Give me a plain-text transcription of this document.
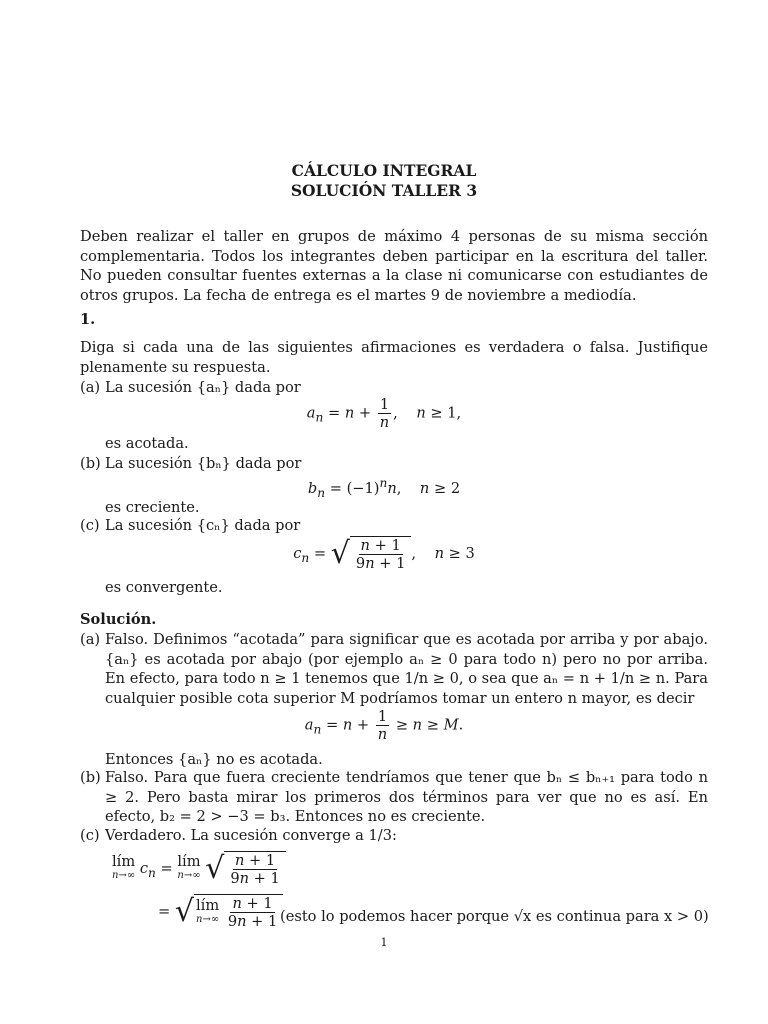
CÁLCULO INTEGRAL
SOLUCIÓN TALLER 3
Deben realizar el taller en grupos de máximo 4 personas de su misma sección complementaria. Todos los integrantes deben participar en la escritura del taller. No pueden consultar fuentes externas a la clase ni comunicarse con estudiantes de otros grupos. La fecha de entrega es el martes 9 de noviembre a mediodía.
1.
Diga si cada una de las siguientes afirmaciones es verdadera o falsa. Justifique plenamente su respuesta.
(a) La sucesión {aₙ} dada por
$a_n = n + \frac{1}{n}$ ,    n ≥ 1,
es acotada.
(b) La sucesión {bₙ} dada por
$b_n = (-1)^nn$,    n ≥ 2
es creciente.
(c) La sucesión {cₙ} dada por
$c_n$ = √ $\frac{n + 1}{9n + 1}$ ,    n ≥ 3
es convergente.
Solución.
(a) Falso. Definimos “acotada” para significar que es acotada por arriba y por abajo. {aₙ} es acotada por abajo (por ejemplo aₙ ≥ 0 para todo n) pero no por arriba. En efecto, para todo n ≥ 1 tenemos que 1/n ≥ 0, o sea que aₙ = n + 1/n ≥ n. Para cualquier posible cota superior M podríamos tomar un entero n mayor, es decir
$a_n = n + \frac{1}{n} \ge n \ge M$.
Entonces {aₙ} no es acotada.
(b) Falso. Para que fuera creciente tendríamos que tener que bₙ ≤ bₙ₊₁ para todo n ≥ 2. Pero basta mirar los primeros dos términos para ver que no es así. En efecto, b₂ = 2 > −3 = b₃. Entonces no es creciente.
(c) Verdadero. La sucesión converge a 1/3:
lím
n→∞ $c_n$ = lím
n→∞
√ $\frac{n + 1}{9n + 1}$
= √ lím
n→∞
$\frac{n + 1}{9n + 1}$ (esto lo podemos hacer porque √x es continua para x > 0)
1
